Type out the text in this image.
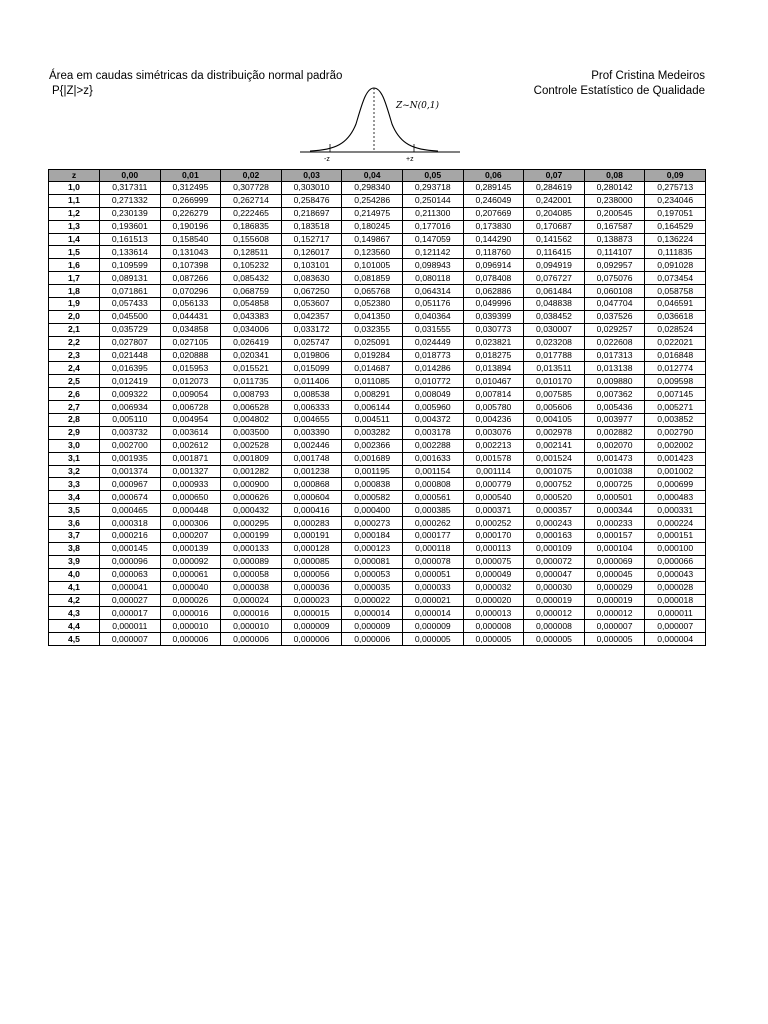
Área em caudas simétricas da distribuição normal padrão
P{|Z|>z}
Prof Cristina Medeiros
Controle Estatístico de Qualidade
Z~N(0,1)
-z	+z
z	0,00	0,01	0,02	0,03	0,04	0,05	0,06	0,07	0,08	0,09
1,0	0,317311	0,312495	0,307728	0,303010	0,298340	0,293718	0,289145	0,284619	0,280142	0,275713
1,1	0,271332	0,266999	0,262714	0,258476	0,254286	0,250144	0,246049	0,242001	0,238000	0,234046
1,2	0,230139	0,226279	0,222465	0,218697	0,214975	0,211300	0,207669	0,204085	0,200545	0,197051
1,3	0,193601	0,190196	0,186835	0,183518	0,180245	0,177016	0,173830	0,170687	0,167587	0,164529
1,4	0,161513	0,158540	0,155608	0,152717	0,149867	0,147059	0,144290	0,141562	0,138873	0,136224
1,5	0,133614	0,131043	0,128511	0,126017	0,123560	0,121142	0,118760	0,116415	0,114107	0,111835
1,6	0,109599	0,107398	0,105232	0,103101	0,101005	0,098943	0,096914	0,094919	0,092957	0,091028
1,7	0,089131	0,087266	0,085432	0,083630	0,081859	0,080118	0,078408	0,076727	0,075076	0,073454
1,8	0,071861	0,070296	0,068759	0,067250	0,065768	0,064314	0,062886	0,061484	0,060108	0,058758
1,9	0,057433	0,056133	0,054858	0,053607	0,052380	0,051176	0,049996	0,048838	0,047704	0,046591
2,0	0,045500	0,044431	0,043383	0,042357	0,041350	0,040364	0,039399	0,038452	0,037526	0,036618
2,1	0,035729	0,034858	0,034006	0,033172	0,032355	0,031555	0,030773	0,030007	0,029257	0,028524
2,2	0,027807	0,027105	0,026419	0,025747	0,025091	0,024449	0,023821	0,023208	0,022608	0,022021
2,3	0,021448	0,020888	0,020341	0,019806	0,019284	0,018773	0,018275	0,017788	0,017313	0,016848
2,4	0,016395	0,015953	0,015521	0,015099	0,014687	0,014286	0,013894	0,013511	0,013138	0,012774
2,5	0,012419	0,012073	0,011735	0,011406	0,011085	0,010772	0,010467	0,010170	0,009880	0,009598
2,6	0,009322	0,009054	0,008793	0,008538	0,008291	0,008049	0,007814	0,007585	0,007362	0,007145
2,7	0,006934	0,006728	0,006528	0,006333	0,006144	0,005960	0,005780	0,005606	0,005436	0,005271
2,8	0,005110	0,004954	0,004802	0,004655	0,004511	0,004372	0,004236	0,004105	0,003977	0,003852
2,9	0,003732	0,003614	0,003500	0,003390	0,003282	0,003178	0,003076	0,002978	0,002882	0,002790
3,0	0,002700	0,002612	0,002528	0,002446	0,002366	0,002288	0,002213	0,002141	0,002070	0,002002
3,1	0,001935	0,001871	0,001809	0,001748	0,001689	0,001633	0,001578	0,001524	0,001473	0,001423
3,2	0,001374	0,001327	0,001282	0,001238	0,001195	0,001154	0,001114	0,001075	0,001038	0,001002
3,3	0,000967	0,000933	0,000900	0,000868	0,000838	0,000808	0,000779	0,000752	0,000725	0,000699
3,4	0,000674	0,000650	0,000626	0,000604	0,000582	0,000561	0,000540	0,000520	0,000501	0,000483
3,5	0,000465	0,000448	0,000432	0,000416	0,000400	0,000385	0,000371	0,000357	0,000344	0,000331
3,6	0,000318	0,000306	0,000295	0,000283	0,000273	0,000262	0,000252	0,000243	0,000233	0,000224
3,7	0,000216	0,000207	0,000199	0,000191	0,000184	0,000177	0,000170	0,000163	0,000157	0,000151
3,8	0,000145	0,000139	0,000133	0,000128	0,000123	0,000118	0,000113	0,000109	0,000104	0,000100
3,9	0,000096	0,000092	0,000089	0,000085	0,000081	0,000078	0,000075	0,000072	0,000069	0,000066
4,0	0,000063	0,000061	0,000058	0,000056	0,000053	0,000051	0,000049	0,000047	0,000045	0,000043
4,1	0,000041	0,000040	0,000038	0,000036	0,000035	0,000033	0,000032	0,000030	0,000029	0,000028
4,2	0,000027	0,000026	0,000024	0,000023	0,000022	0,000021	0,000020	0,000019	0,000019	0,000018
4,3	0,000017	0,000016	0,000016	0,000015	0,000014	0,000014	0,000013	0,000012	0,000012	0,000011
4,4	0,000011	0,000010	0,000010	0,000009	0,000009	0,000009	0,000008	0,000008	0,000007	0,000007
4,5	0,000007	0,000006	0,000006	0,000006	0,000006	0,000005	0,000005	0,000005	0,000005	0,000004
